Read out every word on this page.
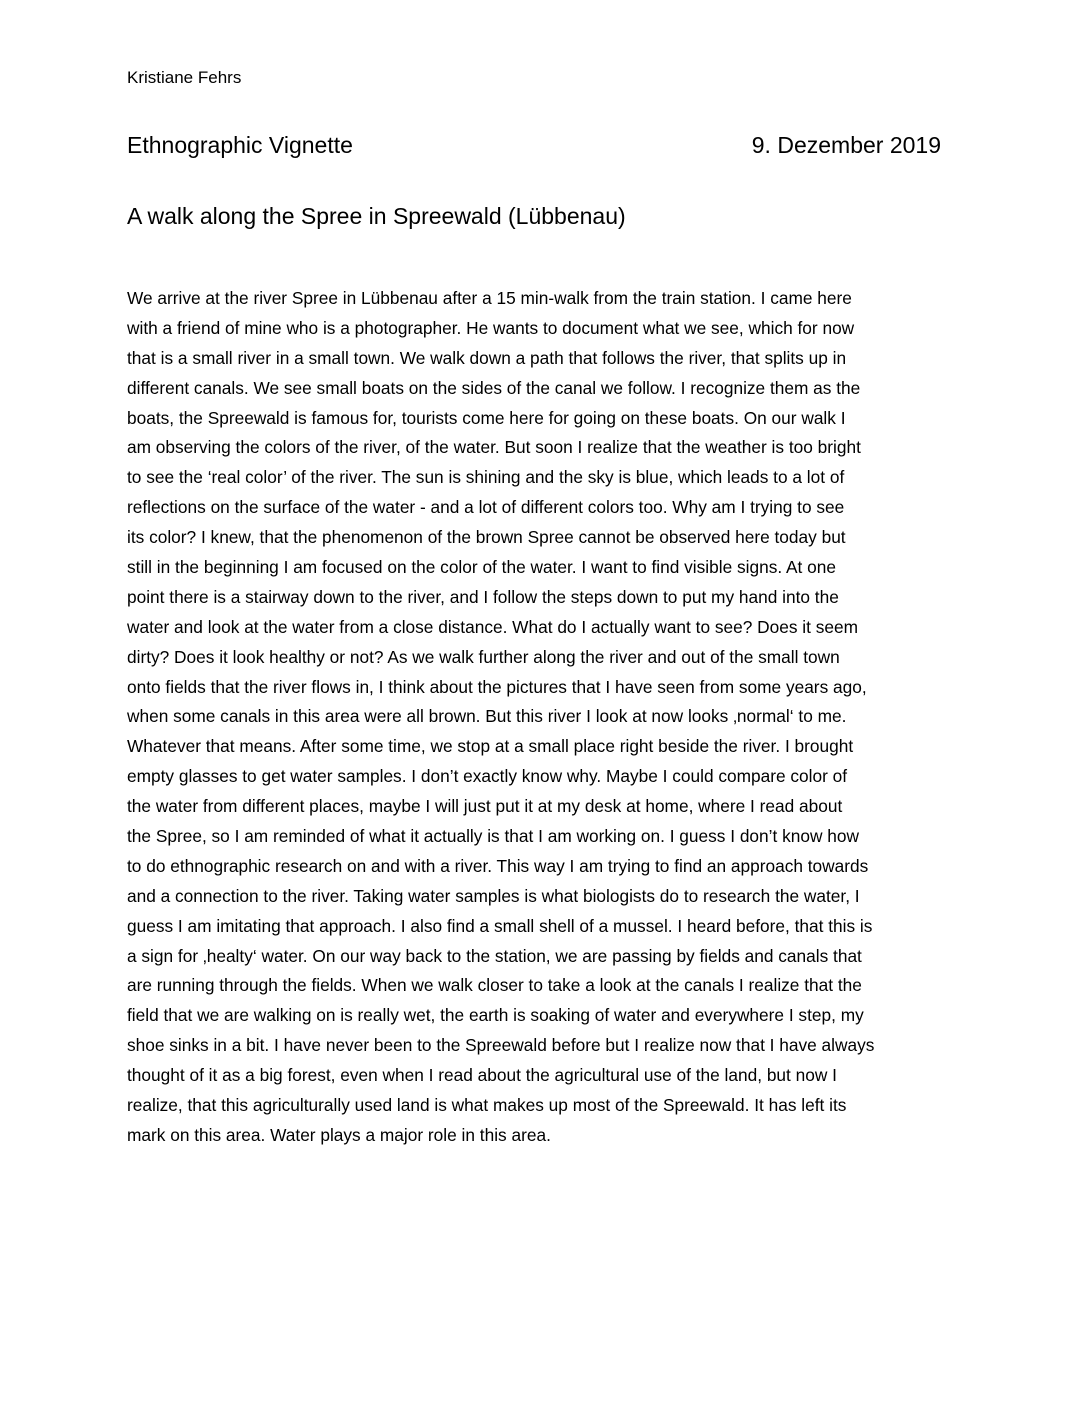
Kristiane Fehrs

Ethnographic Vignette	9. Dezember 2019

A walk along the Spree in Spreewald (Lübbenau)
We arrive at the river Spree in Lübbenau after a 15 min-walk from the train station. I came here
with a friend of mine who is a photographer. He wants to document what we see, which for now
that is a small river in a small town. We walk down a path that follows the river, that splits up in
different canals. We see small boats on the sides of the canal we follow. I recognize them as the
boats, the Spreewald is famous for, tourists come here for going on these boats. On our walk I
am observing the colors of the river, of the water. But soon I realize that the weather is too bright
to see the ‘real color’ of the river. The sun is shining and the sky is blue, which leads to a lot of
reflections on the surface of the water - and a lot of different colors too. Why am I trying to see
its color? I knew, that the phenomenon of the brown Spree cannot be observed here today but
still in the beginning I am focused on the color of the water. I want to find visible signs. At one
point there is a stairway down to the river, and I follow the steps down to put my hand into the
water and look at the water from a close distance. What do I actually want to see? Does it seem
dirty? Does it look healthy or not? As we walk further along the river and out of the small town
onto fields that the river flows in, I think about the pictures that I have seen from some years ago,
when some canals in this area were all brown. But this river I look at now looks ‚normal‘ to me.
Whatever that means. After some time, we stop at a small place right beside the river. I brought
empty glasses to get water samples. I don’t exactly know why. Maybe I could compare color of
the water from different places, maybe I will just put it at my desk at home, where I read about
the Spree, so I am reminded of what it actually is that I am working on. I guess I don’t know how
to do ethnographic research on and with a river. This way I am trying to find an approach towards
and a connection to the river. Taking water samples is what biologists do to research the water, I
guess I am imitating that approach. I also find a small shell of a mussel. I heard before, that this is
a sign for ‚healty‘ water. On our way back to the station, we are passing by fields and canals that
are running through the fields. When we walk closer to take a look at the canals I realize that the
field that we are walking on is really wet, the earth is soaking of water and everywhere I step, my
shoe sinks in a bit. I have never been to the Spreewald before but I realize now that I have always
thought of it as a big forest, even when I read about the agricultural use of the land, but now I
realize, that this agriculturally used land is what makes up most of the Spreewald. It has left its
mark on this area. Water plays a major role in this area.
